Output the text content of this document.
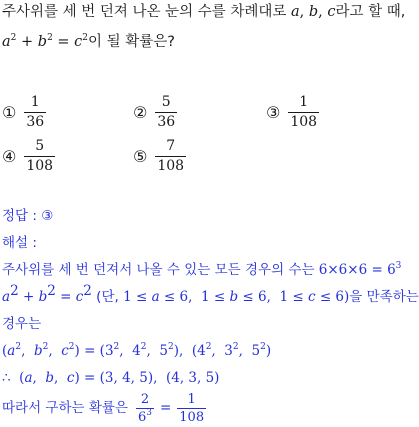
주사위를 세 번 던져 나온 눈의 수를 차례대로 a, b, c라고 할 때,
$a^2 + b^2 = c^2$이 될 확률은?
① $\frac{1}{36}$	② $\frac{5}{36}$	③ $\frac{1}{108}$
④ $\frac{5}{108}$	⑤ $\frac{7}{108}$
정답 : ③
해설 :
주사위를 세 번 던져서 나올 수 있는 모든 경우의 수는 $6\times 6\times 6 = 6^3$
$a^2 + b^2 = c^2$ (단, 1 ≤ a ≤ 6,  1 ≤ b ≤ 6,  1 ≤ c ≤ 6)을 만족하는
경우는
($a^2$,  $b^2$,  $c^2) = (3^2$,  $4^2$,  $5^2$),  ($4^2$,  $3^2$,  $5^2$)
∴  (a,  b,  c) = (3, 4, 5),  (4, 3, 5)
따라서 구하는 확률은 $\frac{2}{6^3} = \frac{1}{108}$
